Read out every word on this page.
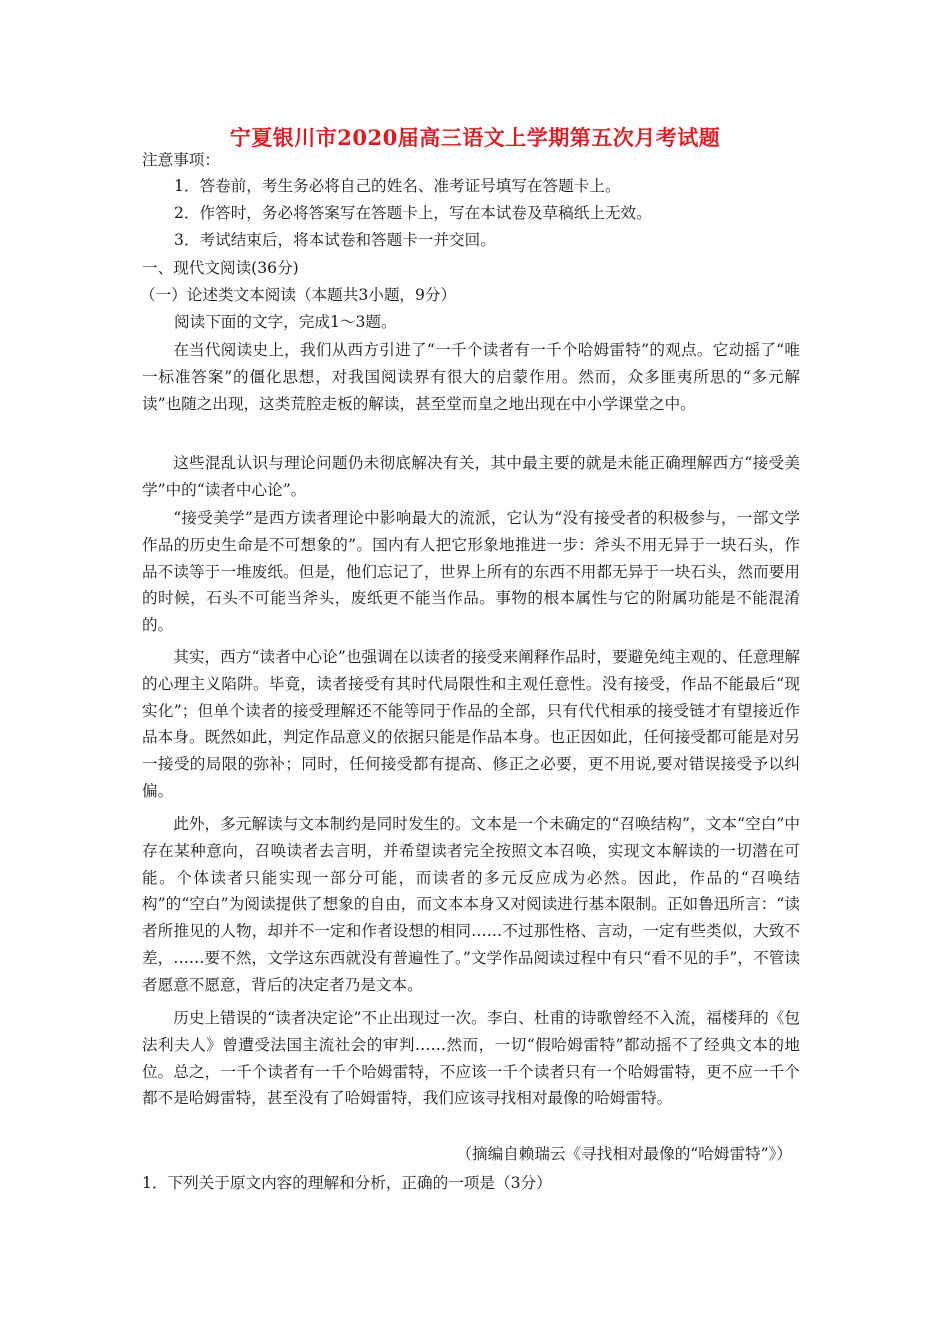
宁夏银川市2020届高三语文上学期第五次月考试题
注意事项：
1．答卷前，考生务必将自己的姓名、准考证号填写在答题卡上。
2．作答时，务必将答案写在答题卡上，写在本试卷及草稿纸上无效。
3．考试结束后，将本试卷和答题卡一并交回。
一、现代文阅读(36分)
（一）论述类文本阅读（本题共3小题，9分）
阅读下面的文字，完成1～3题。

在当代阅读史上，我们从西方引进了“一千个读者有一千个哈姆雷特”的观点。它动摇了“唯一标准答案”的僵化思想，对我国阅读界有很大的启蒙作用。然而，众多匪夷所思的“多元解读”也随之出现，这类荒腔走板的解读，甚至堂而皇之地出现在中小学课堂之中。

这些混乱认识与理论问题仍未彻底解决有关，其中最主要的就是未能正确理解西方“接受美学”中的“读者中心论”。

“接受美学”是西方读者理论中影响最大的流派，它认为“没有接受者的积极参与，一部文学作品的历史生命是不可想象的”。国内有人把它形象地推进一步：斧头不用无异于一块石头，作品不读等于一堆废纸。但是，他们忘记了，世界上所有的东西不用都无异于一块石头，然而要用的时候，石头不可能当斧头，废纸更不能当作品。事物的根本属性与它的附属功能是不能混淆的。

其实，西方“读者中心论”也强调在以读者的接受来阐释作品时，要避免纯主观的、任意理解的心理主义陷阱。毕竟，读者接受有其时代局限性和主观任意性。没有接受，作品不能最后“现实化”；但单个读者的接受理解还不能等同于作品的全部，只有代代相承的接受链才有望接近作品本身。既然如此，判定作品意义的依据只能是作品本身。也正因如此，任何接受都可能是对另一接受的局限的弥补；同时，任何接受都有提高、修正之必要，更不用说,要对错误接受予以纠偏。

此外，多元解读与文本制约是同时发生的。文本是一个未确定的“召唤结构”，文本“空白”中存在某种意向，召唤读者去言明，并希望读者完全按照文本召唤，实现文本解读的一切潜在可能。个体读者只能实现一部分可能，而读者的多元反应成为必然。因此，作品的“召唤结构”的“空白”为阅读提供了想象的自由，而文本本身又对阅读进行基本限制。正如鲁迅所言：“读者所推见的人物，却并不一定和作者设想的相同……不过那性格、言动，一定有些类似，大致不差，……要不然，文学这东西就没有普遍性了。”文学作品阅读过程中有只“看不见的手”，不管读者愿意不愿意，背后的决定者乃是文本。

历史上错误的“读者决定论”不止出现过一次。李白、杜甫的诗歌曾经不入流，福楼拜的《包法利夫人》曾遭受法国主流社会的审判……然而，一切“假哈姆雷特”都动摇不了经典文本的地位。总之，一千个读者有一千个哈姆雷特，不应该一千个读者只有一个哈姆雷特，更不应一千个都不是哈姆雷特，甚至没有了哈姆雷特，我们应该寻找相对最像的哈姆雷特。

（摘编自赖瑞云《寻找相对最像的“哈姆雷特”》）
1．下列关于原文内容的理解和分析，正确的一项是（3分）
